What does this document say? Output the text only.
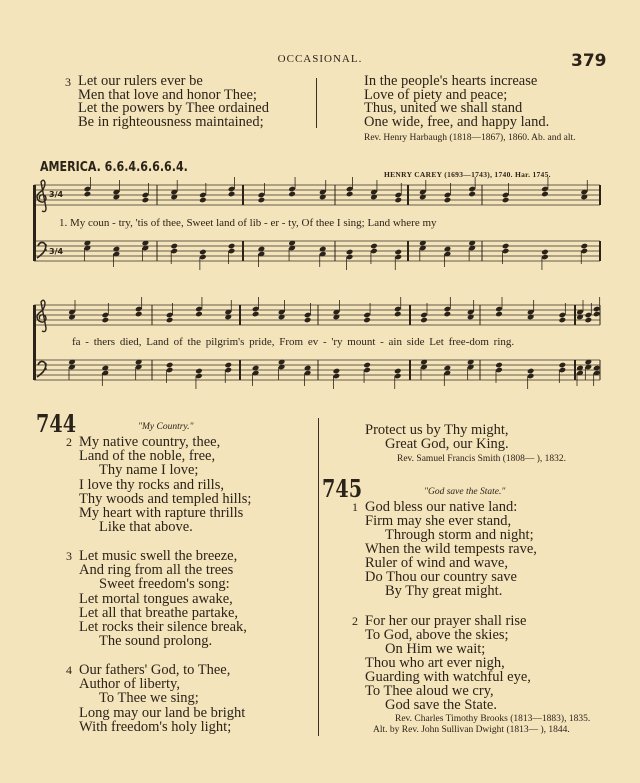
OCCASIONAL.	379
3 Let our rulers ever be
Men that love and honor Thee;
Let the powers by Thee ordained
Be in righteousness maintained;
In the people's hearts increase
Love of piety and peace;
Thus, united we shall stand
One wide, free, and happy land.
Rev. Henry Harbaugh (1818—1867), 1860. Ab. and alt.
AMERICA. 6.6.4.6.6.6.4.	HENRY CAREY (1693—1743), 1740. Har. 1745.
3/4
3/4
1. My coun - try, 'tis of thee, Sweet land of lib - er - ty, Of thee I sing; Land where my
fa - thers died, Land of the pilgrim's pride, From ev - 'ry mount - ain side Let free-dom ring.
744	"My Country."
2 My native country, thee,
Land of the noble, free,
Thy name I love;
I love thy rocks and rills,
Thy woods and templed hills;
My heart with rapture thrills
Like that above.
3 Let music swell the breeze,
And ring from all the trees
Sweet freedom's song:
Let mortal tongues awake,
Let all that breathe partake,
Let rocks their silence break,
The sound prolong.
4 Our fathers' God, to Thee,
Author of liberty,
To Thee we sing;
Long may our land be bright
With freedom's holy light;
Protect us by Thy might,
Great God, our King.
Rev. Samuel Francis Smith (1808— ), 1832.
745	"God save the State."
1 God bless our native land:
Firm may she ever stand,
Through storm and night;
When the wild tempests rave,
Ruler of wind and wave,
Do Thou our country save
By Thy great might.
2 For her our prayer shall rise
To God, above the skies;
On Him we wait;
Thou who art ever nigh,
Guarding with watchful eye,
To Thee aloud we cry,
God save the State.
Rev. Charles Timothy Brooks (1813—1883), 1835.
Alt. by Rev. John Sullivan Dwight (1813— ), 1844.
